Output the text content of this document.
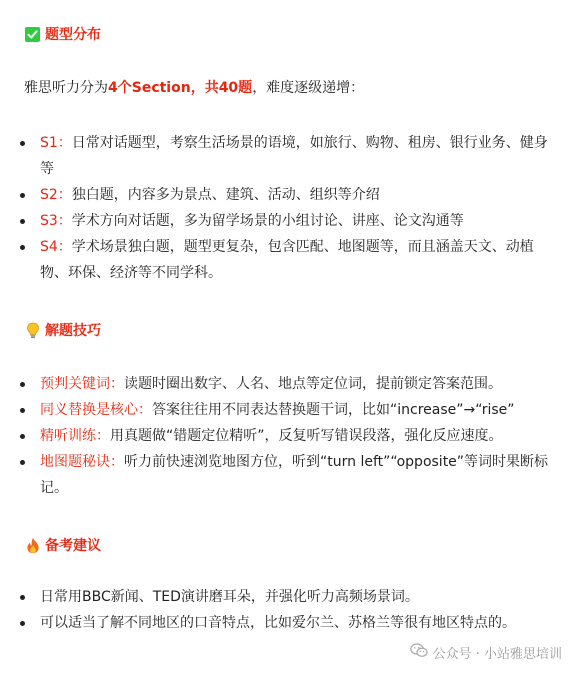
题型分布
雅思听力分为4个Section，共40题，难度逐级递增：
S1：日常对话题型，考察生活场景的语境，如旅行、购物、租房、银行业务、健身等
S2：独白题，内容多为景点、建筑、活动、组织等介绍
S3：学术方向对话题，多为留学场景的小组讨论、讲座、论文沟通等
S4：学术场景独白题，题型更复杂，包含匹配、地图题等，而且涵盖天文、动植物、环保、经济等不同学科。
解题技巧
预判关键词：读题时圈出数字、人名、地点等定位词，提前锁定答案范围。
同义替换是核心：答案往往用不同表达替换题干词，比如“increase”→“rise”
精听训练：用真题做“错题定位精听”，反复听写错误段落，强化反应速度。
地图题秘诀：听力前快速浏览地图方位，听到“turn left”“opposite”等词时果断标记。
备考建议
日常用BBC新闻、TED演讲磨耳朵，并强化听力高频场景词。
可以适当了解不同地区的口音特点，比如爱尔兰、苏格兰等很有地区特点的。
公众号 · 小站雅思培训
